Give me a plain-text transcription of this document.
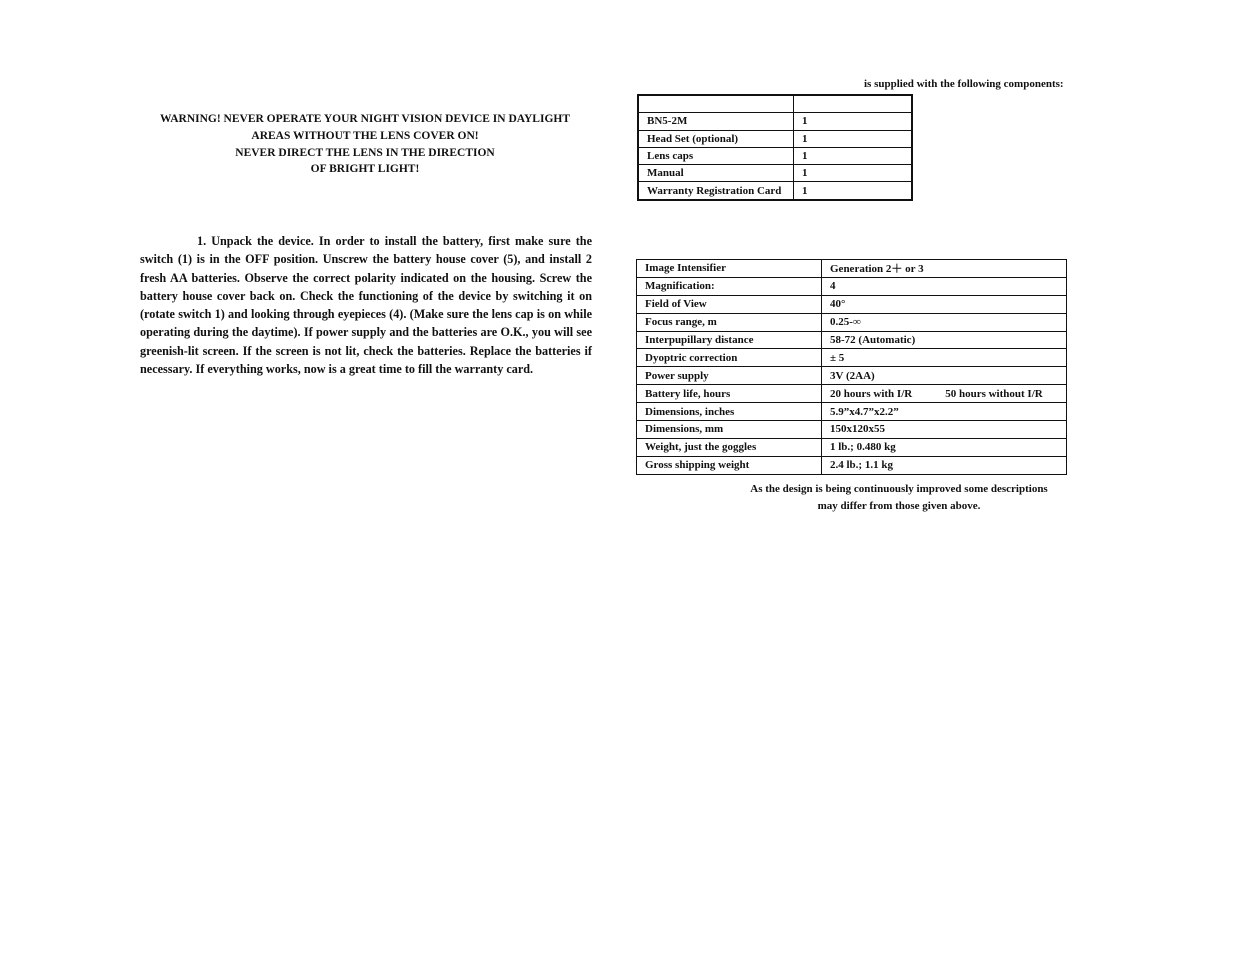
WARNING! NEVER OPERATE YOUR NIGHT VISION DEVICE IN DAYLIGHT
AREAS WITHOUT THE LENS COVER ON!
NEVER DIRECT THE LENS IN THE DIRECTION
OF BRIGHT LIGHT!
1. Unpack the device. In order to install the battery, first make sure the switch (1) is in the OFF position. Unscrew the battery house cover (5), and install 2 fresh AA batteries. Observe the correct polarity indicated on the housing. Screw the battery house cover back on. Check the functioning of the device by switching it on (rotate switch 1) and looking through eyepieces (4). (Make sure the lens cap is on while operating during the daytime). If power supply and the batteries are O.K., you will see greenish-lit screen. If the screen is not lit, check the batteries. Replace the batteries if necessary. If everything works, now is a great time to fill the warranty card.
is supplied with the following components:

BN5-2M	1
Head Set (optional)	1
Lens caps	1
Manual	1
Warranty Registration Card	1
Image Intensifier	Generation 2＋ or 3
Magnification:	4
Field of View	40°
Focus range, m	0.25-∞
Interpupillary distance	58-72 (Automatic)
Dyoptric correction	± 5
Power supply	3V (2AA)
Battery life, hours	20 hours with I/R 50 hours without I/R
Dimensions, inches	5.9”x4.7”x2.2”
Dimensions, mm	150x120x55
Weight, just the goggles	1 lb.; 0.480 kg
Gross shipping weight	2.4 lb.; 1.1 kg
As the design is being continuously improved some descriptions
may differ from those given above.
